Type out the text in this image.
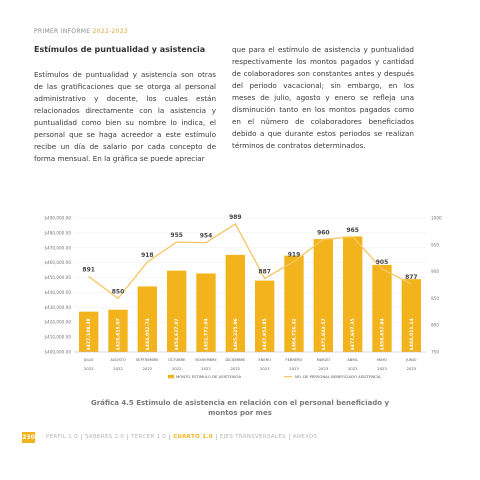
PRIMER INFORME 2022-2023
Estímulos de puntualidad y asistencia

Estímulos de puntualidad y asistencia son otras de las gratificaciones que se otorga al personal administrativo y docente, los cuales están relacionados directamente con la asistencia y puntualidad como bien su nombre lo indica, el personal que se haga acreedor a este estímulo recibe un día de salario por cada concepto de forma mensual. En la gráfica se puede apreciar

que para el estímulo de asistencia y puntualidad respectivamente los montos pagados y cantidad de colaboradores son constantes antes y después del periodo vacacional; sin embargo, en los meses de julio, agosto y enero se refleja una disminución tanto en los montos pagados como en el número de colaboradores beneficiados debido a que durante estos periodos se realizan términos de contratos determinados.

$400,000.00
$410,000.00
$420,000.00
$430,000.00
$440,000.00
$450,000.00
$460,000.00
$470,000.00
$480,000.00
$490,000.00
750
800
850
900
950
1000
$427,108.38
JULIO
2022
$428,415.07
AGOSTO
2022
$444,052.74
SEPTIEMBRE
2022
$454,637.07
OCTUBRE
2022
$452,772.04
NOVIEMBRE
2022
$465,225.96
DICIEMBRE
2022
$447,953.85
ENERO
2023
$464,716.42
FEBRERO
2023
$475,843.57
MARZO
2023
$477,607.35
ABRIL
2023
$458,457.84
MAYO
2023
$448,911.14
JUNIO
2023
891
850
918
955	954
989
887
919
960	965
905
877
MONTO ESTIMULO DE ASISTENCIA	NO. DE PERSONAL BENEFICIADO ASISTENCIA
Gráfica 4.5 Estimulo de asistencia en relación con el personal beneficiado y montos por mes
230	PERFIL 1.0	SABERES 2.0	TERCER 1.0	CUARTO 1.0	EJES TRANSVERSALES	ANEXOS
